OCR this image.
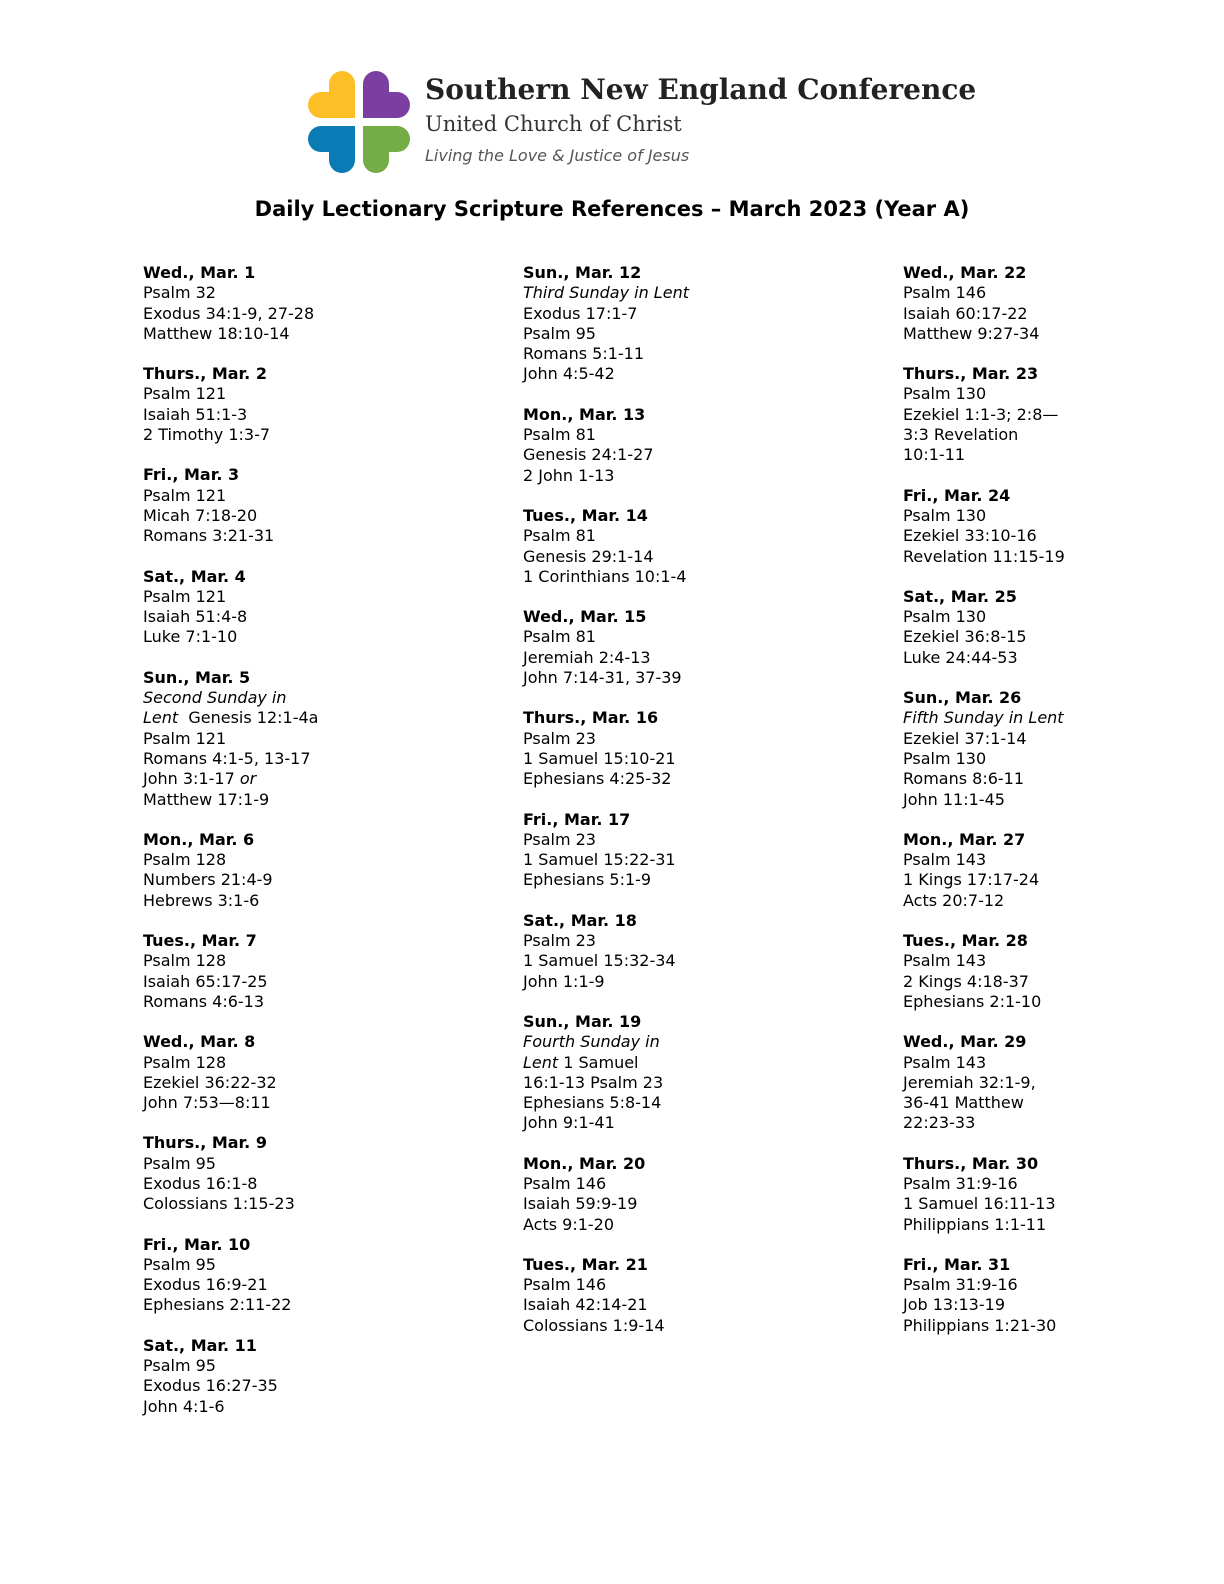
Southern New England Conference
United Church of Christ
Living the Love & Justice of Jesus
Daily Lectionary Scripture References – March 2023 (Year A)
Wed., Mar. 1
Psalm 32
Exodus 34:1-9, 27-28
Matthew 18:10-14
Thurs., Mar. 2
Psalm 121
Isaiah 51:1-3
2 Timothy 1:3-7
Fri., Mar. 3
Psalm 121
Micah 7:18-20
Romans 3:21-31
Sat., Mar. 4
Psalm 121
Isaiah 51:4-8
Luke 7:1-10
Sun., Mar. 5
Second Sunday in
Lent  Genesis 12:1-4a
Psalm 121
Romans 4:1-5, 13-17
John 3:1-17 or
Matthew 17:1-9
Mon., Mar. 6
Psalm 128
Numbers 21:4-9
Hebrews 3:1-6
Tues., Mar. 7
Psalm 128
Isaiah 65:17-25
Romans 4:6-13
Wed., Mar. 8
Psalm 128
Ezekiel 36:22-32
John 7:53—8:11
Thurs., Mar. 9
Psalm 95
Exodus 16:1-8
Colossians 1:15-23
Fri., Mar. 10
Psalm 95
Exodus 16:9-21
Ephesians 2:11-22
Sat., Mar. 11
Psalm 95
Exodus 16:27-35
John 4:1-6
Sun., Mar. 12
Third Sunday in Lent
Exodus 17:1-7
Psalm 95
Romans 5:1-11
John 4:5-42
Mon., Mar. 13
Psalm 81
Genesis 24:1-27
2 John 1-13
Tues., Mar. 14
Psalm 81
Genesis 29:1-14
1 Corinthians 10:1-4
Wed., Mar. 15
Psalm 81
Jeremiah 2:4-13
John 7:14-31, 37-39
Thurs., Mar. 16
Psalm 23
1 Samuel 15:10-21
Ephesians 4:25-32
Fri., Mar. 17
Psalm 23
1 Samuel 15:22-31
Ephesians 5:1-9
Sat., Mar. 18
Psalm 23
1 Samuel 15:32-34
John 1:1-9
Sun., Mar. 19
Fourth Sunday in
Lent 1 Samuel
16:1-13 Psalm 23
Ephesians 5:8-14
John 9:1-41
Mon., Mar. 20
Psalm 146
Isaiah 59:9-19
Acts 9:1-20
Tues., Mar. 21
Psalm 146
Isaiah 42:14-21
Colossians 1:9-14
Wed., Mar. 22
Psalm 146
Isaiah 60:17-22
Matthew 9:27-34
Thurs., Mar. 23
Psalm 130
Ezekiel 1:1-3; 2:8—
3:3 Revelation
10:1-11
Fri., Mar. 24
Psalm 130
Ezekiel 33:10-16
Revelation 11:15-19
Sat., Mar. 25
Psalm 130
Ezekiel 36:8-15
Luke 24:44-53
Sun., Mar. 26
Fifth Sunday in Lent
Ezekiel 37:1-14
Psalm 130
Romans 8:6-11
John 11:1-45
Mon., Mar. 27
Psalm 143
1 Kings 17:17-24
Acts 20:7-12
Tues., Mar. 28
Psalm 143
2 Kings 4:18-37
Ephesians 2:1-10
Wed., Mar. 29
Psalm 143
Jeremiah 32:1-9,
36-41 Matthew
22:23-33
Thurs., Mar. 30
Psalm 31:9-16
1 Samuel 16:11-13
Philippians 1:1-11
Fri., Mar. 31
Psalm 31:9-16
Job 13:13-19
Philippians 1:21-30
